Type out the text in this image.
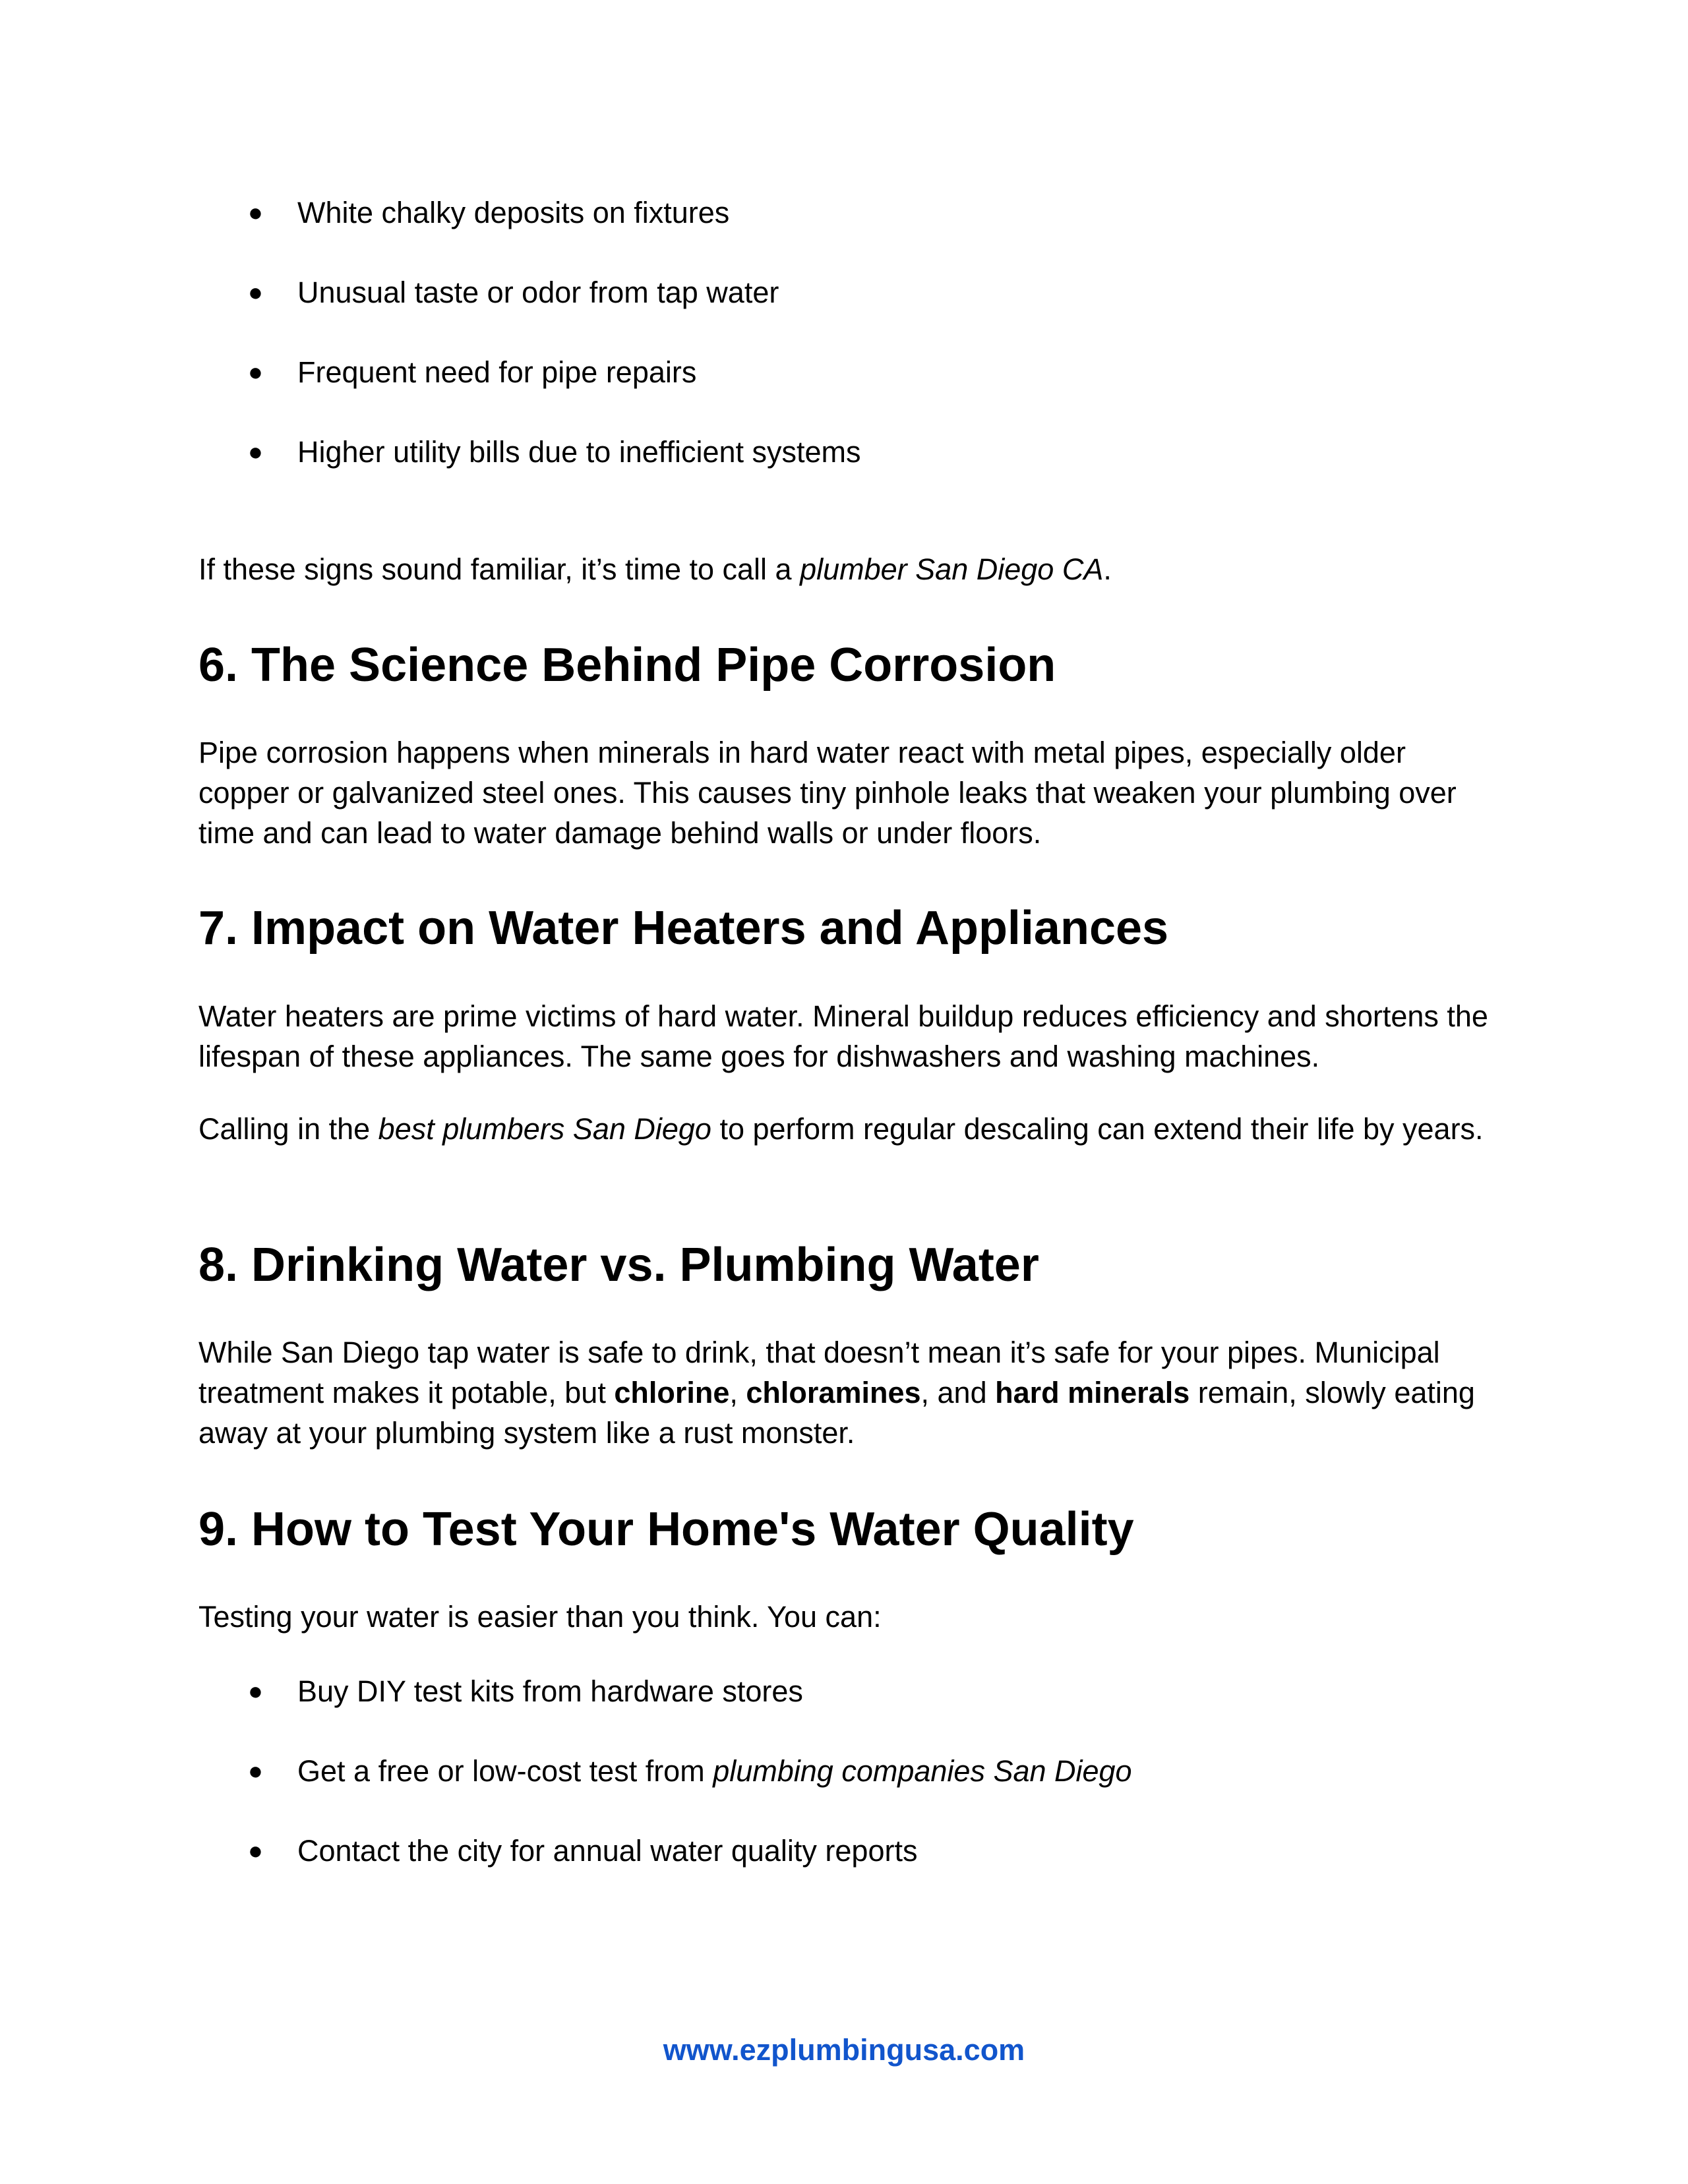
● White chalky deposits on fixtures
● Unusual taste or odor from tap water
● Frequent need for pipe repairs
● Higher utility bills due to inefficient systems

If these signs sound familiar, it’s time to call a plumber San Diego CA.

6. The Science Behind Pipe Corrosion

Pipe corrosion happens when minerals in hard water react with metal pipes, especially older copper or galvanized steel ones. This causes tiny pinhole leaks that weaken your plumbing over time and can lead to water damage behind walls or under floors.

7. Impact on Water Heaters and Appliances

Water heaters are prime victims of hard water. Mineral buildup reduces efficiency and shortens the lifespan of these appliances. The same goes for dishwashers and washing machines.

Calling in the best plumbers San Diego to perform regular descaling can extend their life by years.

8. Drinking Water vs. Plumbing Water

While San Diego tap water is safe to drink, that doesn’t mean it’s safe for your pipes. Municipal treatment makes it potable, but chlorine, chloramines, and hard minerals remain, slowly eating away at your plumbing system like a rust monster.

9. How to Test Your Home's Water Quality

Testing your water is easier than you think. You can:

● Buy DIY test kits from hardware stores
● Get a free or low-cost test from plumbing companies San Diego
● Contact the city for annual water quality reports
www.ezplumbingusa.com
